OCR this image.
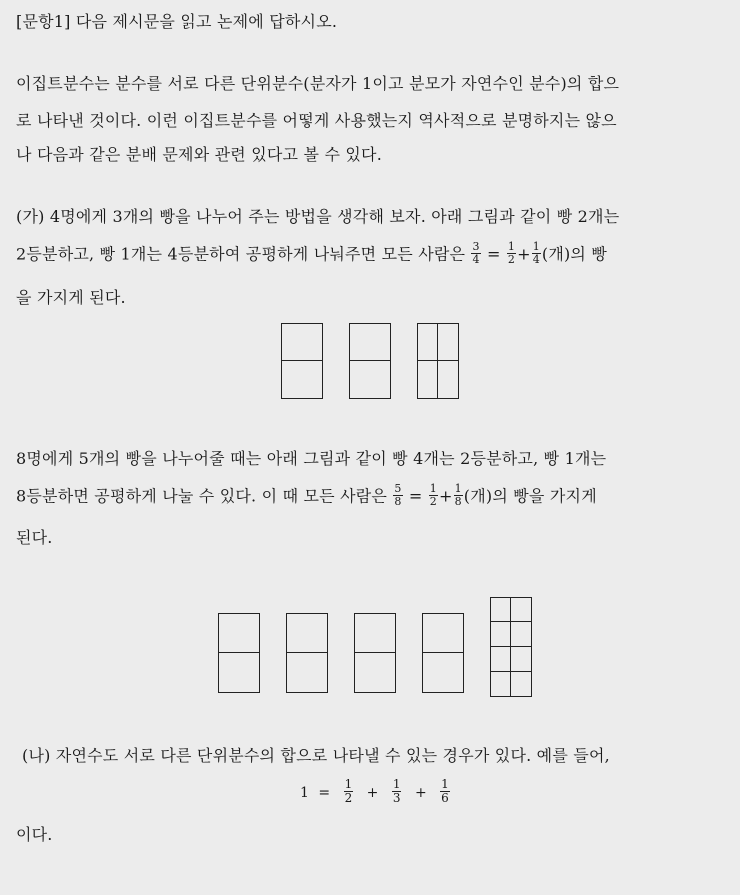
[문항1] 다음 제시문을 읽고 논제에 답하시오.
이집트분수는 분수를 서로 다른 단위분수(분자가 1이고 분모가 자연수인 분수)의 합으
로 나타낸 것이다. 이런 이집트분수를 어떻게 사용했는지 역사적으로 분명하지는 않으
나 다음과 같은 분배 문제와 관련 있다고 볼 수 있다.
(가) 4명에게 3개의 빵을 나누어 주는 방법을 생각해 보자. 아래 그림과 같이 빵 2개는
2등분하고, 빵 1개는 4등분하여 공평하게 나눠주면 모든 사람은 $\frac{3}{4} = \frac{1}{2} + \frac{1}{4}$ (개)의 빵
을 가지게 된다.
8명에게 5개의 빵을 나누어줄 때는 아래 그림과 같이 빵 4개는 2등분하고, 빵 1개는
8등분하면 공평하게 나눌 수 있다. 이 때 모든 사람은 $\frac{5}{8} = \frac{1}{2} + \frac{1}{8}$ (개)의 빵을 가지게
된다.
(나) 자연수도 서로 다른 단위분수의 합으로 나타낼 수 있는 경우가 있다. 예를 들어,
$1 = \frac{1}{2} + \frac{1}{3} + \frac{1}{6}$
이다.
